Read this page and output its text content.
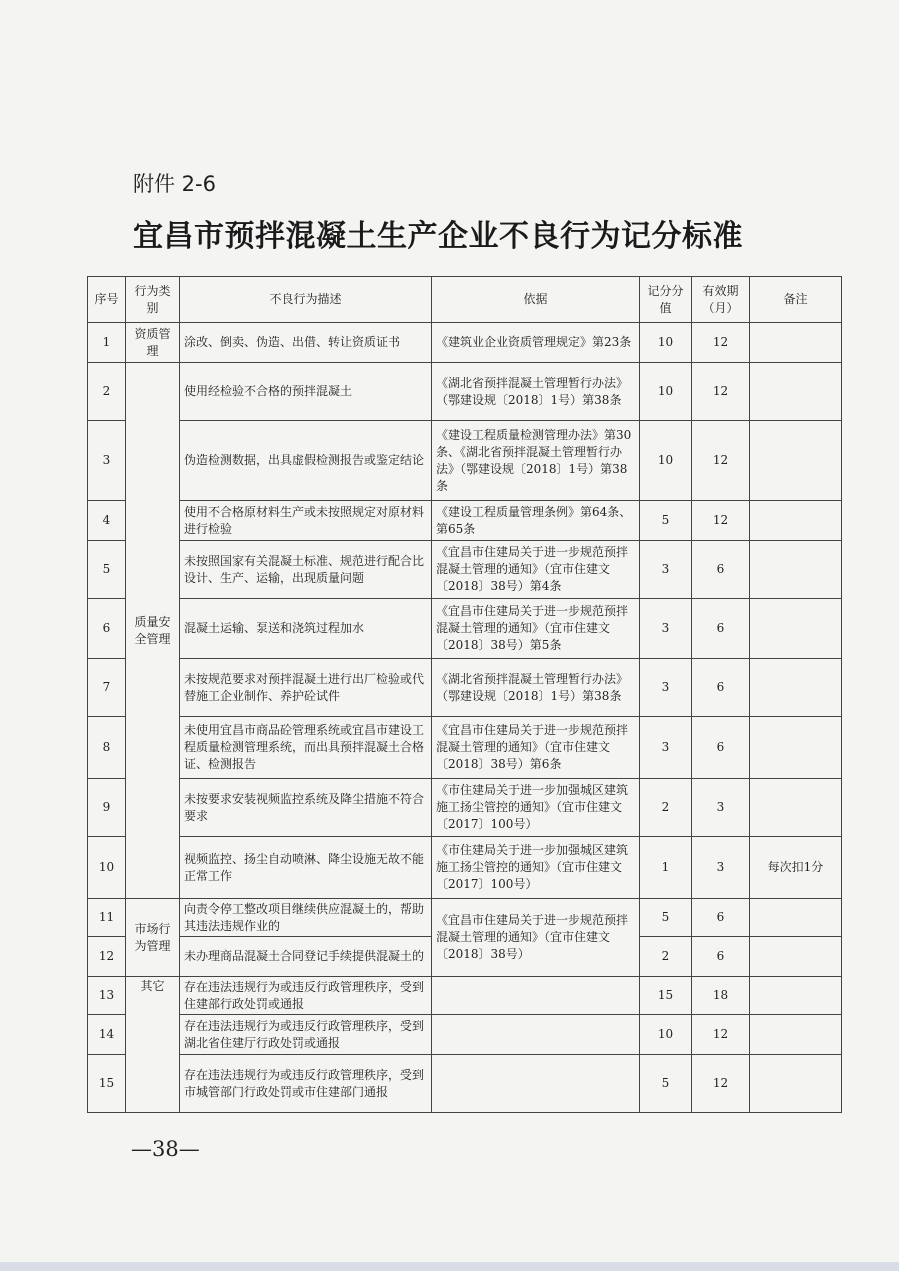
附件 2-6
宜昌市预拌混凝土生产企业不良行为记分标准
序号	行为类别	不良行为描述	依据	记分分值	有效期（月）	备注
1	资质管理	涂改、倒卖、伪造、出借、转让资质证书	《建筑业企业资质管理规定》第23条	10	12	
2	质量安全管理	使用经检验不合格的预拌混凝土	《湖北省预拌混凝土管理暂行办法》（鄂建设规〔2018〕1号）第38条	10	12	
3		伪造检测数据，出具虚假检测报告或鉴定结论	《建设工程质量检测管理办法》第30条、《湖北省预拌混凝土管理暂行办法》（鄂建设规〔2018〕1号）第38条	10	12	
4		使用不合格原材料生产或未按照规定对原材料进行检验	《建设工程质量管理条例》第64条、第65条	5	12	
5		未按照国家有关混凝土标准、规范进行配合比设计、生产、运输，出现质量问题	《宜昌市住建局关于进一步规范预拌混凝土管理的通知》（宜市住建文〔2018〕38号）第4条	3	6	
6		混凝土运输、泵送和浇筑过程加水	《宜昌市住建局关于进一步规范预拌混凝土管理的通知》（宜市住建文〔2018〕38号）第5条	3	6	
7		未按规范要求对预拌混凝土进行出厂检验或代替施工企业制作、养护砼试件	《湖北省预拌混凝土管理暂行办法》（鄂建设规〔2018〕1号）第38条	3	6	
8		未使用宜昌市商品砼管理系统或宜昌市建设工程质量检测管理系统，而出具预拌混凝土合格证、检测报告	《宜昌市住建局关于进一步规范预拌混凝土管理的通知》（宜市住建文〔2018〕38号）第6条	3	6	
9		未按要求安装视频监控系统及降尘措施不符合要求	《市住建局关于进一步加强城区建筑施工扬尘管控的通知》（宜市住建文〔2017〕100号）	2	3	
10		视频监控、扬尘自动喷淋、降尘设施无故不能正常工作	《市住建局关于进一步加强城区建筑施工扬尘管控的通知》（宜市住建文〔2017〕100号）	1	3	每次扣1分
11	市场行为管理	向责令停工整改项目继续供应混凝土的，帮助其违法违规作业的	《宜昌市住建局关于进一步规范预拌混凝土管理的通知》（宜市住建文〔2018〕38号）	5	6	
12		未办理商品混凝土合同登记手续提供混凝土的		2	6	
13	其它	存在违法违规行为或违反行政管理秩序，受到住建部行政处罚或通报		15	18	
14		存在违法违规行为或违反行政管理秩序，受到湖北省住建厅行政处罚或通报		10	12	
15		存在违法违规行为或违反行政管理秩序，受到市城管部门行政处罚或市住建部门通报		5	12	
—38—
